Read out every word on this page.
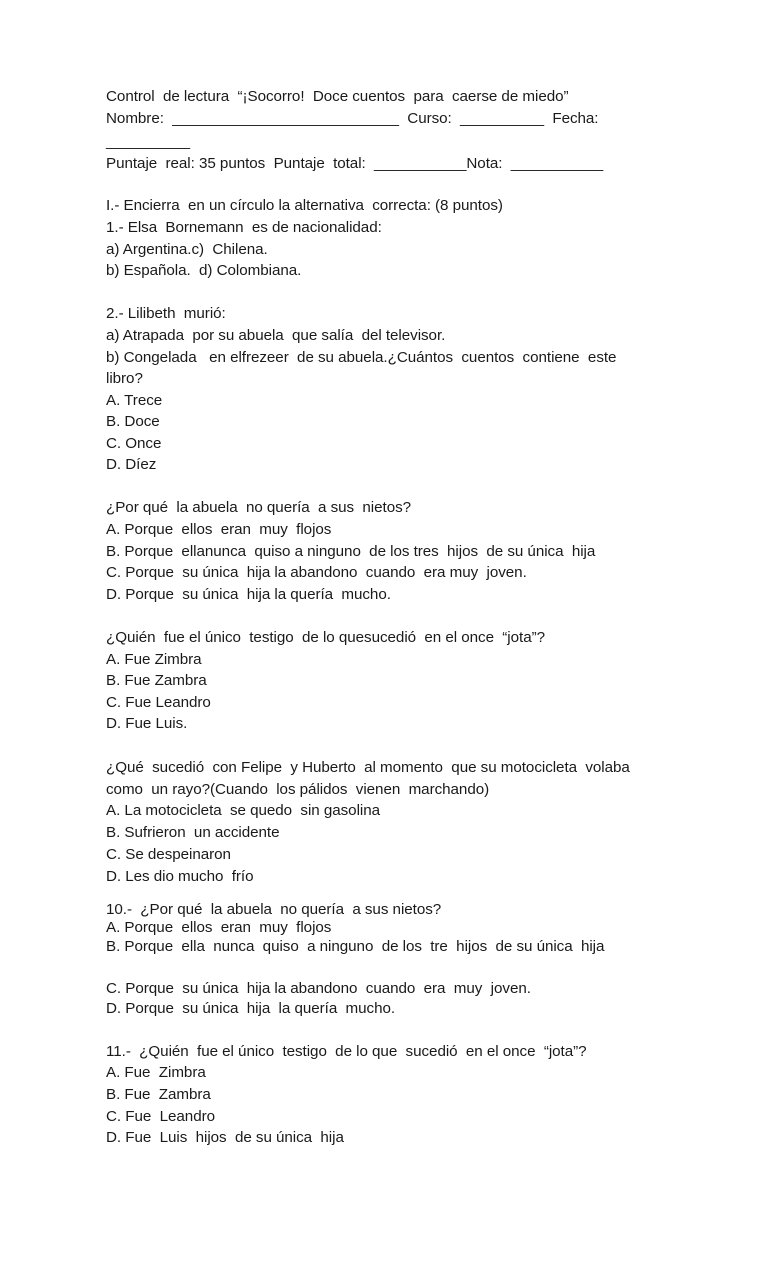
Control  de lectura  “¡Socorro!  Doce cuentos  para  caerse de miedo”

Nombre:  ___________________________  Curso:  __________  Fecha:

__________

Puntaje  real: 35 puntos  Puntaje  total:  ___________Nota:  ___________

I.- Encierra  en un círculo la alternativa  correcta: (8 puntos)

1.- Elsa  Bornemann  es de nacionalidad:

a) Argentina.c)  Chilena.

b) Española.  d) Colombiana.

2.- Lilibeth  murió:

a) Atrapada  por su abuela  que salía  del televisor.

b) Congelada   en elfrezeer  de su abuela.¿Cuántos  cuentos  contiene  este

libro?

A. Trece

B. Doce

C. Once

D. Díez

¿Por qué  la abuela  no quería  a sus  nietos?

A. Porque  ellos  eran  muy  flojos

B. Porque  ellanunca  quiso a ninguno  de los tres  hijos  de su única  hija

C. Porque  su única  hija la abandono  cuando  era muy  joven.

D. Porque  su única  hija la quería  mucho.

¿Quién  fue el único  testigo  de lo quesucedió  en el once  “jota”?

A. Fue Zimbra

B. Fue Zambra

C. Fue Leandro

D. Fue Luis.

¿Qué  sucedió  con Felipe  y Huberto  al momento  que su motocicleta  volaba

como  un rayo?(Cuando  los pálidos  vienen  marchando)

A. La motocicleta  se quedo  sin gasolina

B. Sufrieron  un accidente

C. Se despeinaron

D. Les dio mucho  frío

10.-  ¿Por qué  la abuela  no quería  a sus nietos?

A. Porque  ellos  eran  muy  flojos

B. Porque  ella  nunca  quiso  a ninguno  de los  tre  hijos  de su única  hija

C. Porque  su única  hija la abandono  cuando  era  muy  joven.

D. Porque  su única  hija  la quería  mucho.

11.-  ¿Quién  fue el único  testigo  de lo que  sucedió  en el once  “jota”?

A. Fue  Zimbra

B. Fue  Zambra

C. Fue  Leandro

D. Fue  Luis  hijos  de su única  hija
